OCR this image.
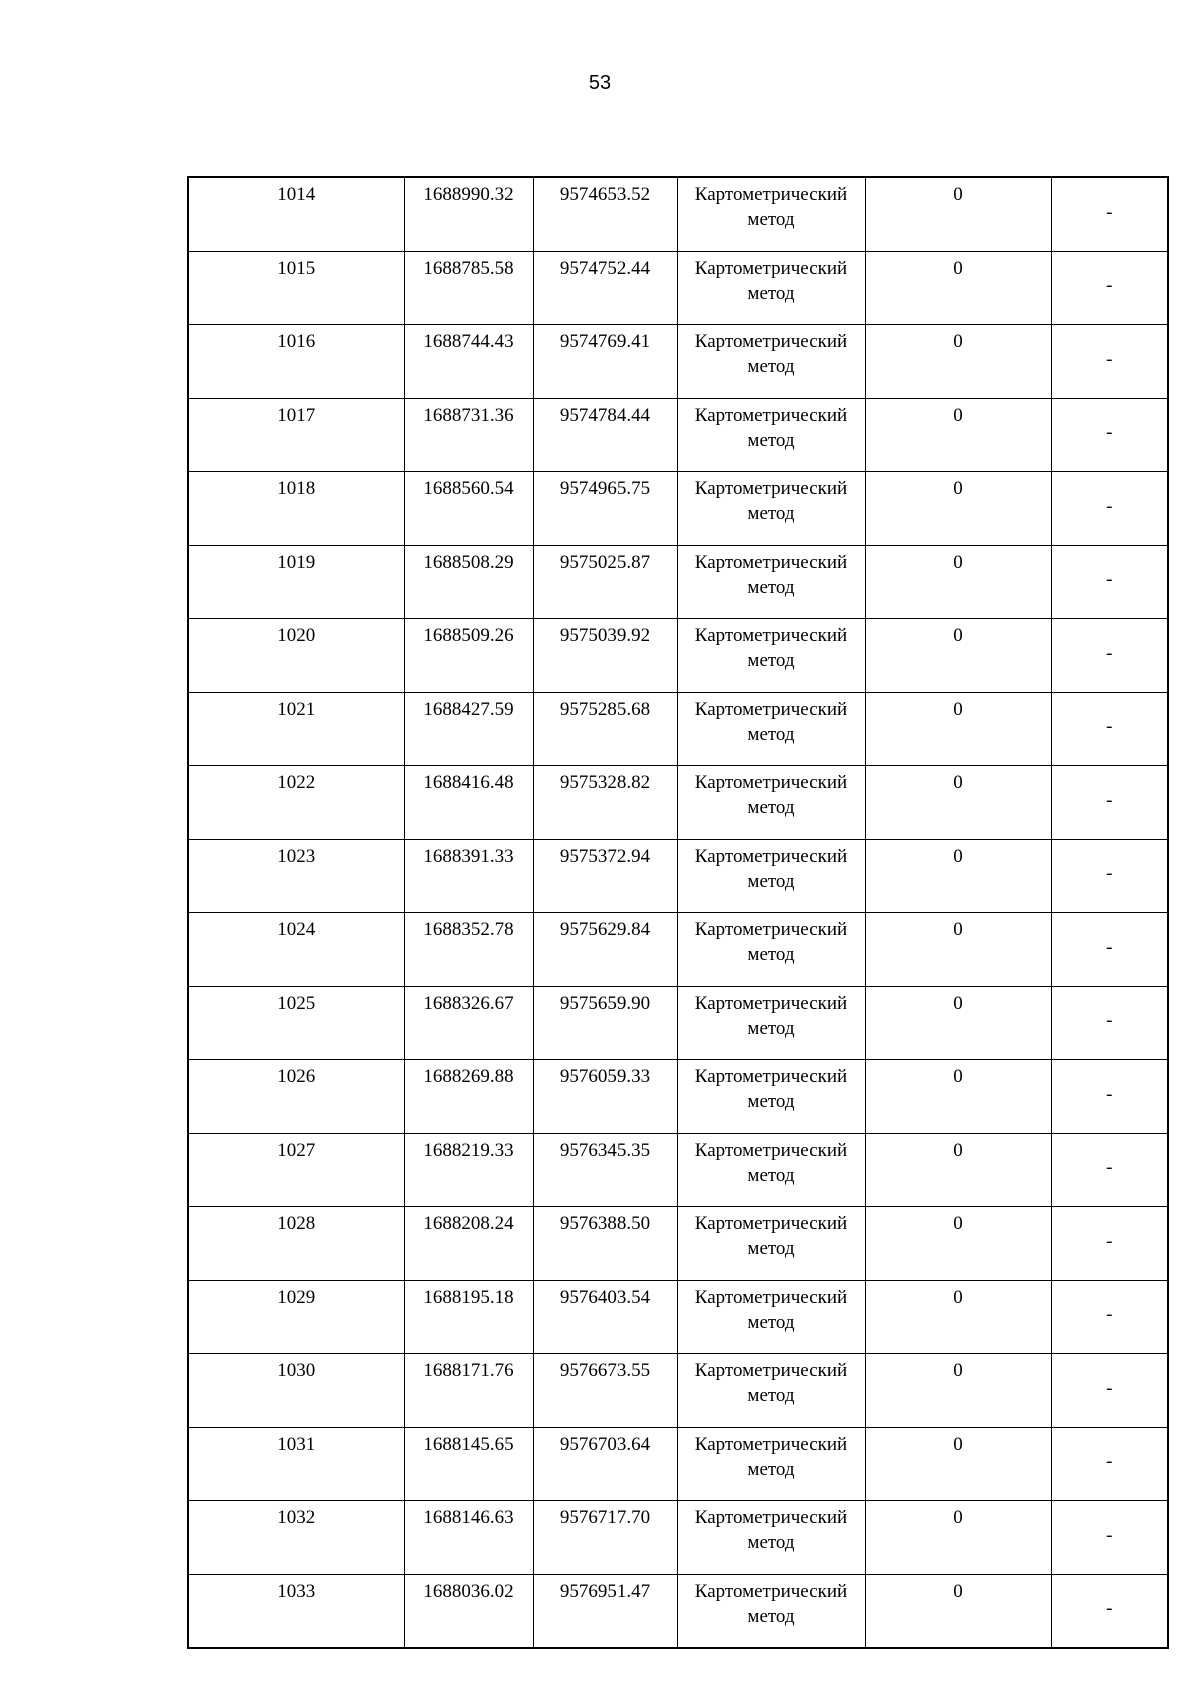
53
1014	1688990.32	9574653.52	Картометрический метод	0	-
1015	1688785.58	9574752.44	Картометрический метод	0	-
1016	1688744.43	9574769.41	Картометрический метод	0	-
1017	1688731.36	9574784.44	Картометрический метод	0	-
1018	1688560.54	9574965.75	Картометрический метод	0	-
1019	1688508.29	9575025.87	Картометрический метод	0	-
1020	1688509.26	9575039.92	Картометрический метод	0	-
1021	1688427.59	9575285.68	Картометрический метод	0	-
1022	1688416.48	9575328.82	Картометрический метод	0	-
1023	1688391.33	9575372.94	Картометрический метод	0	-
1024	1688352.78	9575629.84	Картометрический метод	0	-
1025	1688326.67	9575659.90	Картометрический метод	0	-
1026	1688269.88	9576059.33	Картометрический метод	0	-
1027	1688219.33	9576345.35	Картометрический метод	0	-
1028	1688208.24	9576388.50	Картометрический метод	0	-
1029	1688195.18	9576403.54	Картометрический метод	0	-
1030	1688171.76	9576673.55	Картометрический метод	0	-
1031	1688145.65	9576703.64	Картометрический метод	0	-
1032	1688146.63	9576717.70	Картометрический метод	0	-
1033	1688036.02	9576951.47	Картометрический метод	0	-
